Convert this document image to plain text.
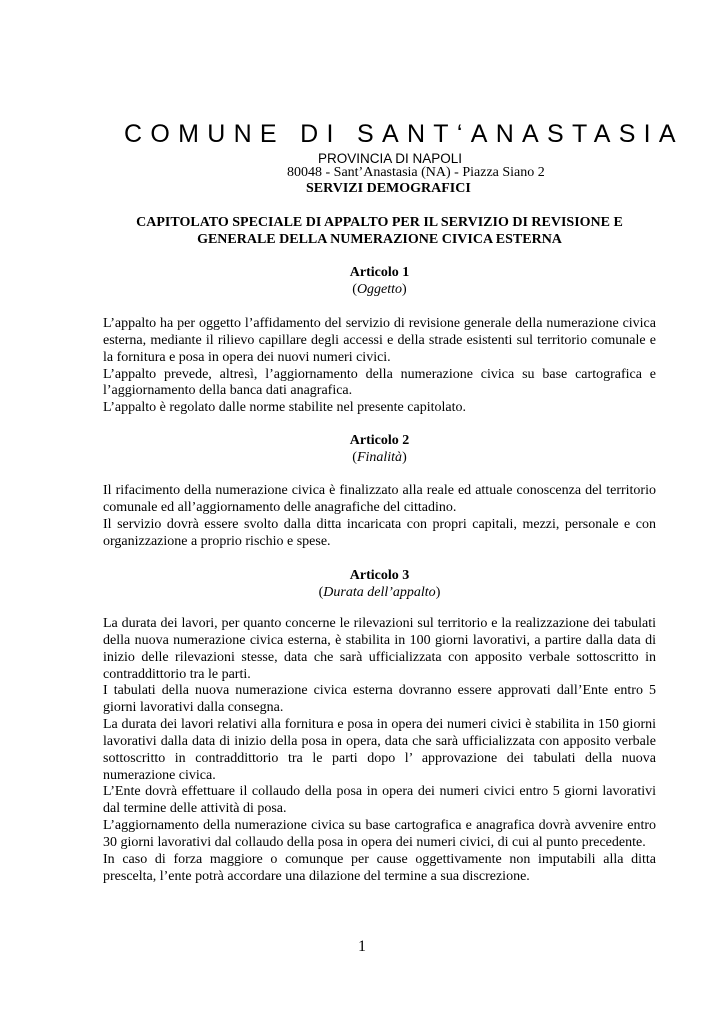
COMUNE DI SANT‘ANASTASIA
PROVINCIA DI NAPOLI
80048 - Sant’Anastasia (NA) - Piazza Siano 2
SERVIZI DEMOGRAFICI
CAPITOLATO SPECIALE DI APPALTO PER IL SERVIZIO DI REVISIONE E
GENERALE DELLA NUMERAZIONE CIVICA ESTERNA
Articolo 1
(Oggetto)

L’appalto ha per oggetto l’affidamento del servizio di revisione generale della numerazione civica esterna, mediante il rilievo capillare degli accessi e della strade esistenti sul territorio comunale e la fornitura e posa in opera dei nuovi numeri civici.

L’appalto prevede, altresì, l’aggiornamento della numerazione civica su base cartografica e l’aggiornamento della banca dati anagrafica.

L’appalto è regolato dalle norme stabilite nel presente capitolato.

Articolo 2
(Finalità)

Il rifacimento della numerazione civica è finalizzato alla reale ed attuale conoscenza del territorio comunale ed all’aggiornamento delle anagrafiche del cittadino.

Il servizio dovrà essere svolto dalla ditta incaricata con propri capitali, mezzi, personale e con organizzazione a proprio rischio e spese.

Articolo 3
(Durata dell’appalto)

La durata dei lavori, per quanto concerne le rilevazioni sul territorio e la realizzazione dei tabulati della nuova numerazione civica esterna, è stabilita in 100 giorni lavorativi, a partire dalla data di inizio delle rilevazioni stesse, data che sarà ufficializzata con apposito verbale sottoscritto in contraddittorio tra le parti.

I tabulati della nuova numerazione civica esterna dovranno essere approvati dall’Ente entro 5 giorni lavorativi dalla consegna.

La durata dei lavori relativi alla fornitura e posa in opera dei numeri civici è stabilita in 150 giorni lavorativi dalla data di inizio della posa in opera, data che sarà ufficializzata con apposito verbale sottoscritto in contraddittorio tra le parti dopo l’ approvazione dei tabulati della nuova numerazione civica.

L’Ente dovrà effettuare il collaudo della posa in opera dei numeri civici entro 5 giorni lavorativi dal termine delle attività di posa.

L’aggiornamento della numerazione civica su base cartografica e anagrafica dovrà avvenire entro 30 giorni lavorativi dal collaudo della posa in opera dei numeri civici, di cui al punto precedente.

In caso di forza maggiore o comunque per cause oggettivamente non imputabili alla ditta prescelta, l’ente potrà accordare una dilazione del termine a sua discrezione.

1
